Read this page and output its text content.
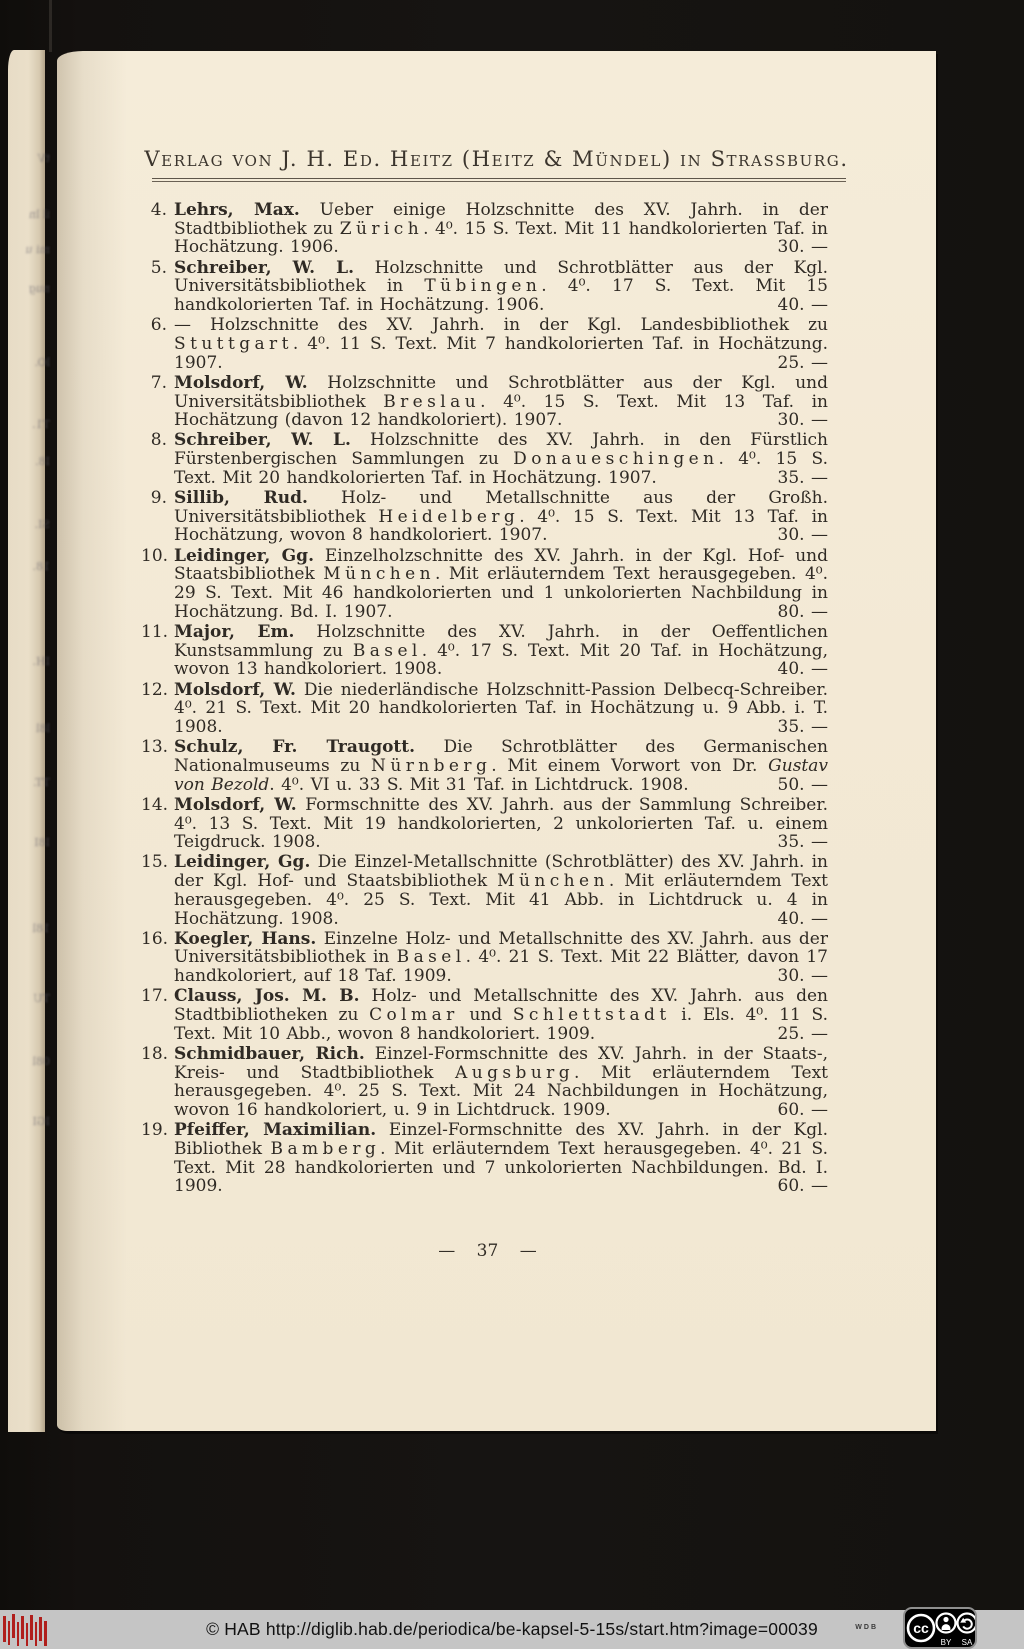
tV
il ln
mi u
nug
lO.
T1.
I8.
SI.
18.
IH.
l8l
TT.
I8I
18l
TU
08l
IGI
Verlag von J. H. Ed. Heitz (Heitz & Mündel) in Strassburg.
4. Lehrs, Max. Ueber einige Holzschnitte des XV. Jahrh. in der Stadtbibliothek zu Zürich. 4⁰. 15 S. Text. Mit 11 handkolorierten Taf. in Hochätzung. 1906.	30. —
5. Schreiber, W. L. Holzschnitte und Schrotblätter aus der Kgl. Universitätsbibliothek in Tübingen. 4⁰. 17 S. Text. Mit 15 handkolorierten Taf. in Hochätzung. 1906.	40. —
6. — Holzschnitte des XV. Jahrh. in der Kgl. Landesbibliothek zu Stuttgart. 4⁰. 11 S. Text. Mit 7 handkolorierten Taf. in Hochätzung. 1907.	25. —
7. Molsdorf, W. Holzschnitte und Schrotblätter aus der Kgl. und Universitätsbibliothek Breslau. 4⁰. 15 S. Text. Mit 13 Taf. in Hochätzung (davon 12 handkoloriert). 1907.	30. —
8. Schreiber, W. L. Holzschnitte des XV. Jahrh. in den Fürstlich Fürstenbergischen Sammlungen zu Donaueschingen. 4⁰. 15 S. Text. Mit 20 handkolorierten Taf. in Hochätzung. 1907.	35. —
9. Sillib, Rud. Holz- und Metallschnitte aus der Großh. Universitätsbibliothek Heidelberg. 4⁰. 15 S. Text. Mit 13 Taf. in Hochätzung, wovon 8 handkoloriert. 1907.	30. —
10. Leidinger, Gg. Einzelholzschnitte des XV. Jahrh. in der Kgl. Hof- und Staatsbibliothek München. Mit erläuterndem Text herausgegeben. 4⁰. 29 S. Text. Mit 46 handkolorierten und 1 unkolorierten Nachbildung in Hochätzung. Bd. I. 1907.	80. —
11. Major, Em. Holzschnitte des XV. Jahrh. in der Oeffentlichen Kunstsammlung zu Basel. 4⁰. 17 S. Text. Mit 20 Taf. in Hochätzung, wovon 13 handkoloriert. 1908.	40. —
12. Molsdorf, W. Die niederländische Holzschnitt-Passion Delbecq-Schreiber. 4⁰. 21 S. Text. Mit 20 handkolorierten Taf. in Hochätzung u. 9 Abb. i. T. 1908.	35. —
13. Schulz, Fr. Traugott. Die Schrotblätter des Germanischen Nationalmuseums zu Nürnberg. Mit einem Vorwort von Dr. Gustav von Bezold. 4⁰. VI u. 33 S. Mit 31 Taf. in Lichtdruck. 1908.	50. —
14. Molsdorf, W. Formschnitte des XV. Jahrh. aus der Sammlung Schreiber. 4⁰. 13 S. Text. Mit 19 handkolorierten, 2 unkolorierten Taf. u. einem Teigdruck. 1908.	35. —
15. Leidinger, Gg. Die Einzel-Metallschnitte (Schrotblätter) des XV. Jahrh. in der Kgl. Hof- und Staatsbibliothek München. Mit erläuterndem Text herausgegeben. 4⁰. 25 S. Text. Mit 41 Abb. in Lichtdruck u. 4 in Hochätzung. 1908.	40. —
16. Koegler, Hans. Einzelne Holz- und Metallschnitte des XV. Jahrh. aus der Universitätsbibliothek in Basel. 4⁰. 21 S. Text. Mit 22 Blätter, davon 17 handkoloriert, auf 18 Taf. 1909.	30. —
17. Clauss, Jos. M. B. Holz- und Metallschnitte des XV. Jahrh. aus den Stadtbibliotheken zu Colmar und Schlettstadt i. Els. 4⁰. 11 S. Text. Mit 10 Abb., wovon 8 handkoloriert. 1909.	25. —
18. Schmidbauer, Rich. Einzel-Formschnitte des XV. Jahrh. in der Staats-, Kreis- und Stadtbibliothek Augsburg. Mit erläuterndem Text herausgegeben. 4⁰. 25 S. Text. Mit 24 Nachbildungen in Hochätzung, wovon 16 handkoloriert, u. 9 in Lichtdruck. 1909.	60. —
19. Pfeiffer, Maximilian. Einzel-Formschnitte des XV. Jahrh. in der Kgl. Bibliothek Bamberg. Mit erläuterndem Text herausgegeben. 4⁰. 21 S. Text. Mit 28 handkolorierten und 7 unkolorierten Nachbildungen. Bd. I. 1909.	60. —
— 37 —
© HAB http://diglib.hab.de/periodica/be-kapsel-5-15s/start.htm?image=00039	WDB	cc
BY SA
